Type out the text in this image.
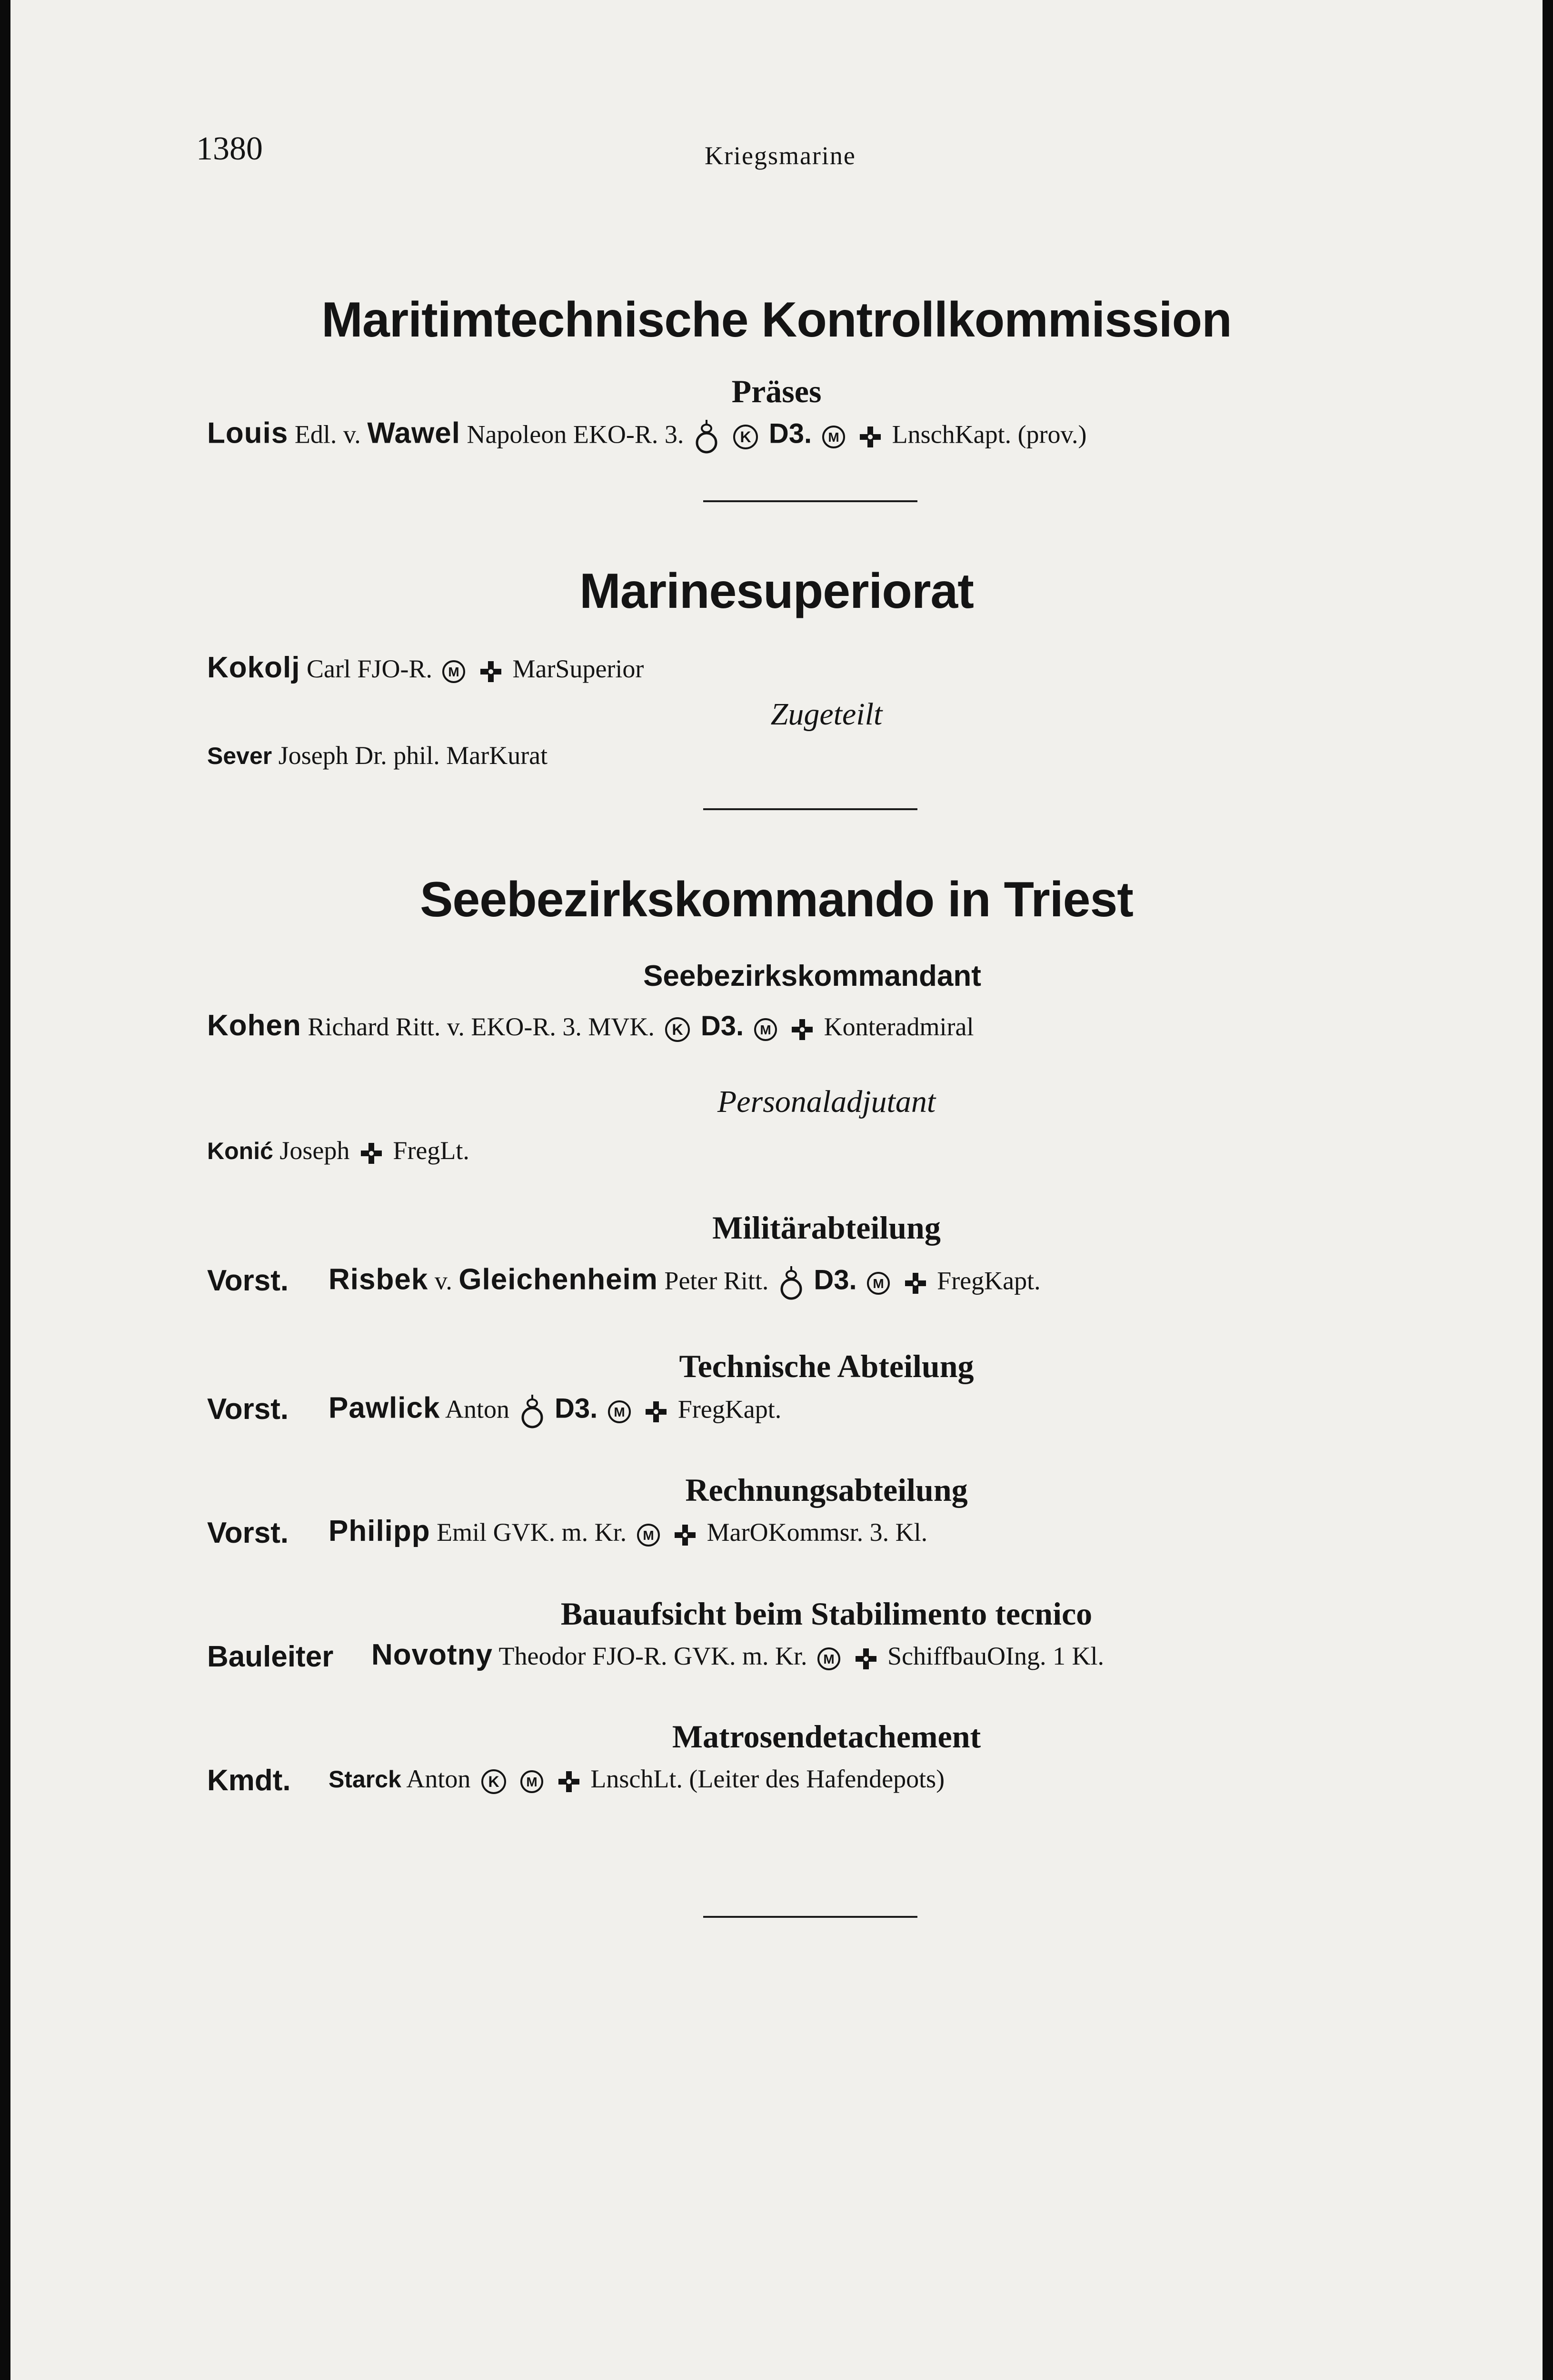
1380	Kriegsmarine
Maritimtechnische Kontrollkommission
Präses
Louis Edl. v. Wawel Napoleon EKO-R. 3.	K D3. M LnschKapt. (prov.)
Marinesuperiorat
Kokolj Carl FJO-R. M MarSuperior
Zugeteilt
Sever Joseph Dr. phil. MarKurat
Seebezirkskommando in Triest
Seebezirkskommandant
Kohen Richard Ritt. v. EKO-R. 3. MVK. K D3. M Konteradmiral
Personaladjutant
Konić Joseph FregLt.
Militärabteilung
Vorst. Risbek v. Gleichenheim Peter Ritt. D3. M FregKapt.
Technische Abteilung
Vorst. Pawlick Anton D3. M FregKapt.
Rechnungsabteilung
Vorst. Philipp Emil GVK. m. Kr. M MarOKommsr. 3. Kl.
Bauaufsicht beim Stabilimento tecnico
Bauleiter Novotny Theodor FJO-R. GVK. m. Kr. M SchiffbauOIng. 1 Kl.
Matrosendetachement
Kmdt. Starck Anton K
M LnschLt. (Leiter des Hafendepots)
